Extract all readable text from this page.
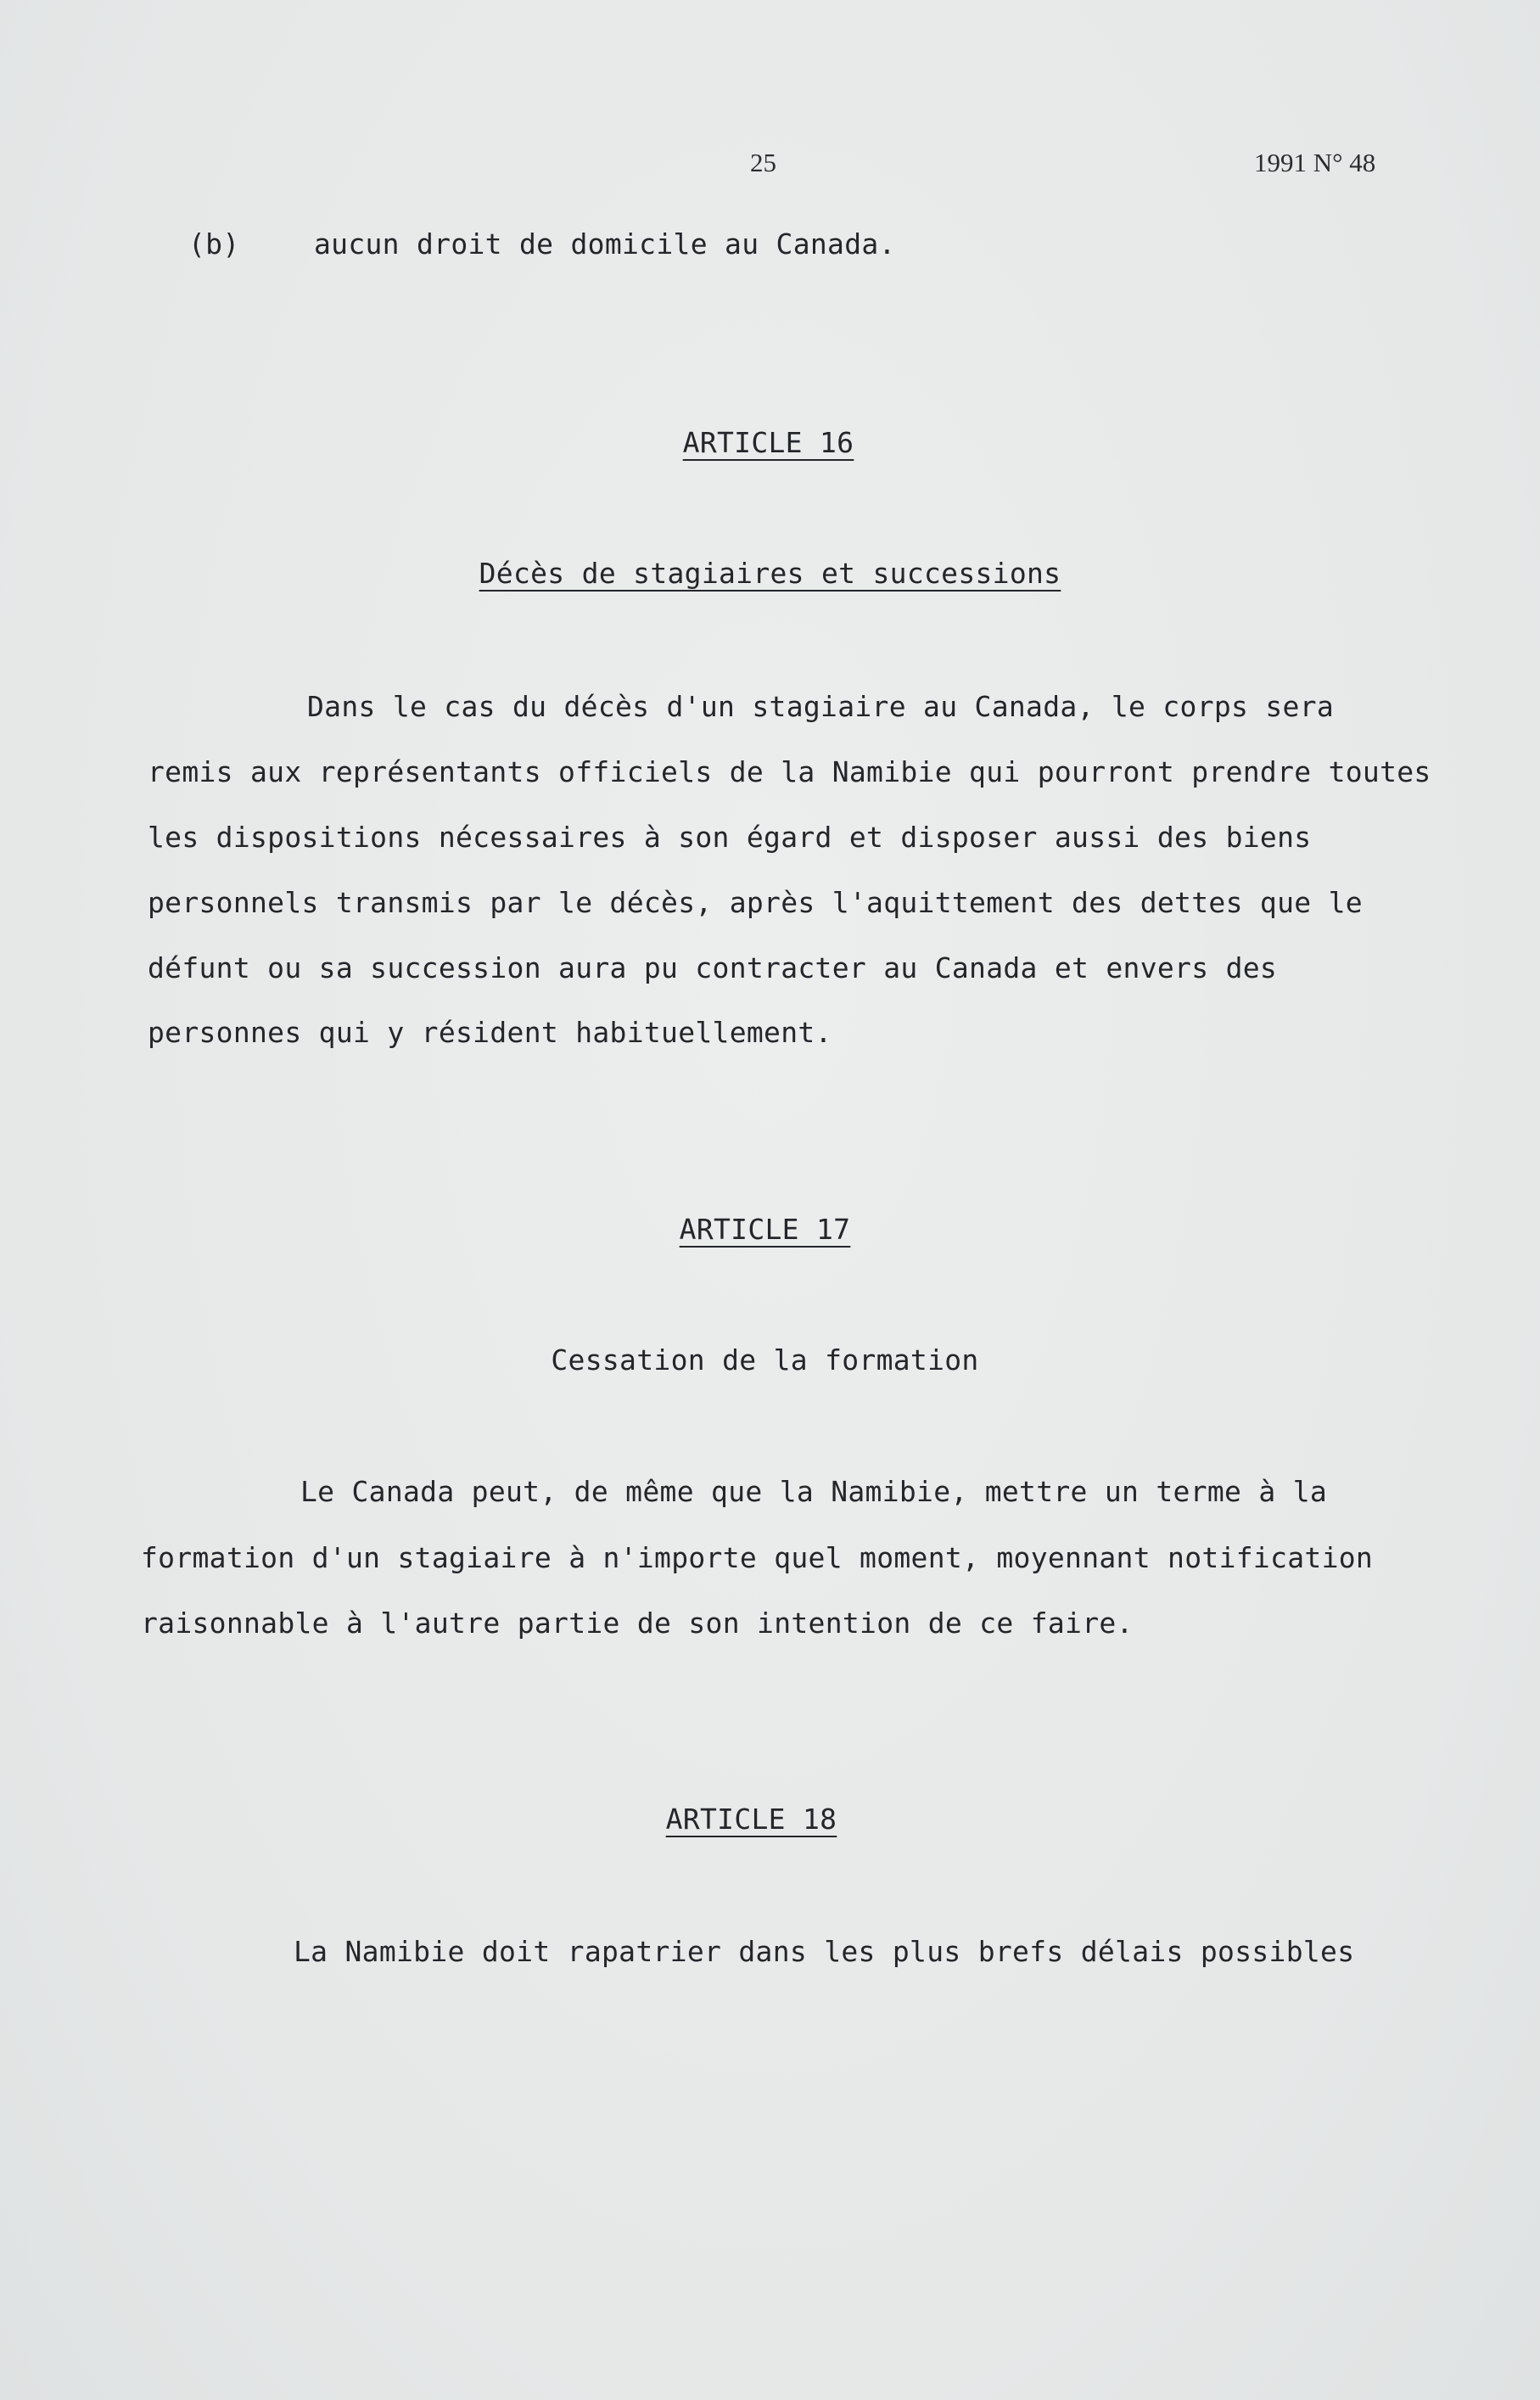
25	1991 N° 48
(b)	aucun droit de domicile au Canada.
ARTICLE 16
Décès de stagiaires et successions
Dans le cas du décès d'un stagiaire au Canada, le corps sera
remis aux représentants officiels de la Namibie qui pourront prendre toutes
les dispositions nécessaires à son égard et disposer aussi des biens
personnels transmis par le décès, après l'aquittement des dettes que le
défunt ou sa succession aura pu contracter au Canada et envers des
personnes qui y résident habituellement.
ARTICLE 17
Cessation de la formation
Le Canada peut, de même que la Namibie, mettre un terme à la
formation d'un stagiaire à n'importe quel moment, moyennant notification
raisonnable à l'autre partie de son intention de ce faire.
ARTICLE 18
La Namibie doit rapatrier dans les plus brefs délais possibles
